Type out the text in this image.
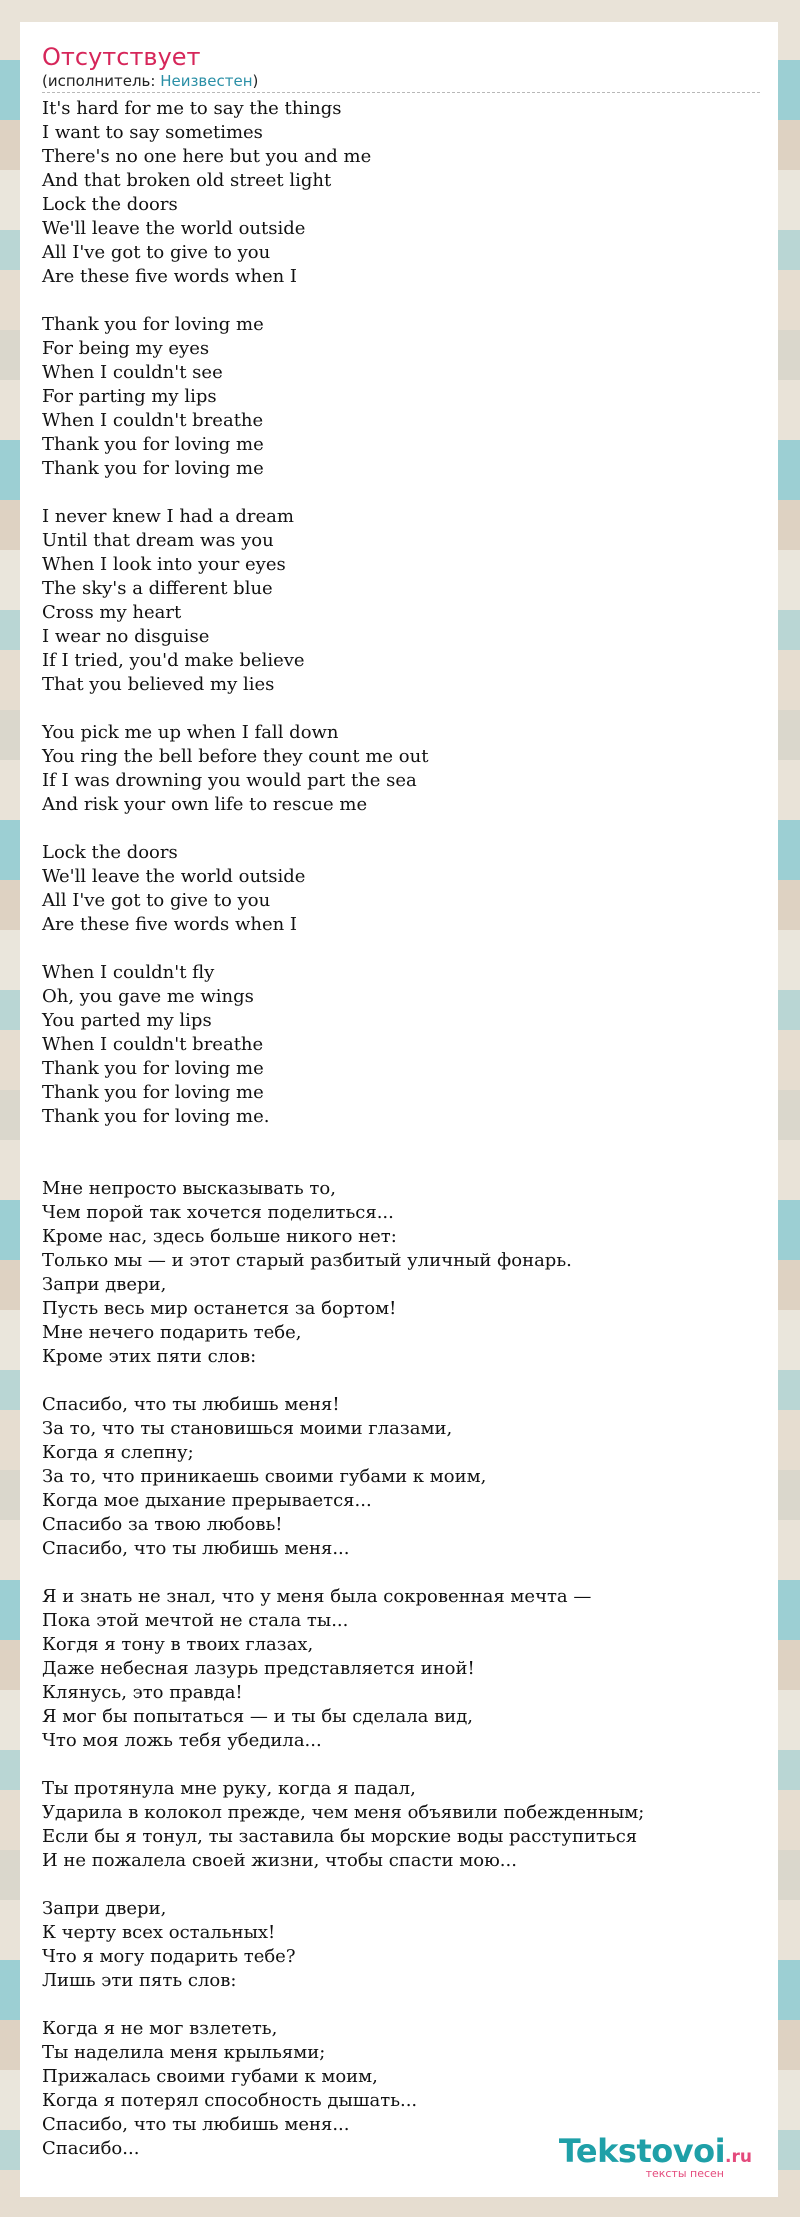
Отсутствует
(исполнитель: Неизвестен)
It's hard for me to say the things
I want to say sometimes
There's no one here but you and me
And that broken old street light
Lock the doors
We'll leave the world outside
All I've got to give to you
Are these five words when I
Thank you for loving me
For being my eyes
When I couldn't see
For parting my lips
When I couldn't breathe
Thank you for loving me
Thank you for loving me
I never knew I had a dream
Until that dream was you
When I look into your eyes
The sky's a different blue
Cross my heart
I wear no disguise
If I tried, you'd make believe
That you believed my lies
You pick me up when I fall down
You ring the bell before they count me out
If I was drowning you would part the sea
And risk your own life to rescue me
Lock the doors
We'll leave the world outside
All I've got to give to you
Are these five words when I
When I couldn't fly
Oh, you gave me wings
You parted my lips
When I couldn't breathe
Thank you for loving me
Thank you for loving me
Thank you for loving me.
Мне непросто высказывать то,
Чем порой так хочется поделиться...
Кроме нас, здесь больше никого нет:
Только мы — и этот старый разбитый уличный фонарь.
Запри двери,
Пусть весь мир останется за бортом!
Мне нечего подарить тебе,
Кроме этих пяти слов:
Спасибо, что ты любишь меня!
За то, что ты становишься моими глазами,
Когда я слепну;
За то, что приникаешь своими губами к моим,
Когда мое дыхание прерывается...
Спасибо за твою любовь!
Спасибо, что ты любишь меня...
Я и знать не знал, что у меня была сокровенная мечта —
Пока этой мечтой не стала ты...
Когдя я тону в твоих глазах,
Даже небесная лазурь представляется иной!
Клянусь, это правда!
Я мог бы попытаться — и ты бы сделала вид,
Что моя ложь тебя убедила...
Ты протянула мне руку, когда я падал,
Ударила в колокол прежде, чем меня объявили побежденным;
Если бы я тонул, ты заставила бы морские воды расступиться
И не пожалела своей жизни, чтобы спасти мою...
Запри двери,
К черту всех остальных!
Что я могу подарить тебе?
Лишь эти пять слов:
Когда я не мог взлететь,
Ты наделила меня крыльями;
Прижалась своими губами к моим,
Когда я потерял способность дышать...
Спасибо, что ты любишь меня...
Спасибо...	Tekstovoi.ru
тексты песен
